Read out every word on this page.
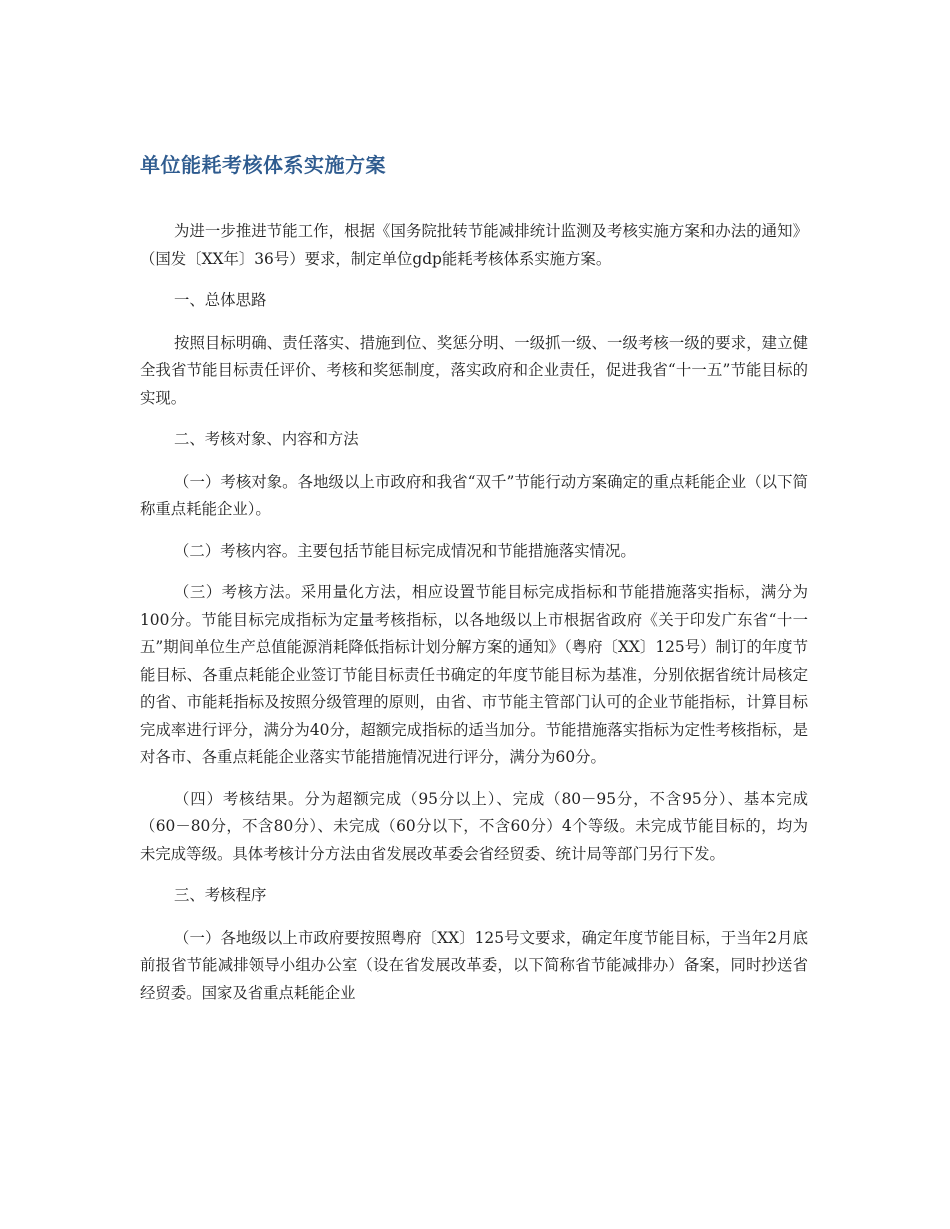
单位能耗考核体系实施方案

为进一步推进节能工作，根据《国务院批转节能减排统计监测及考核实施方案和办法的通知》（国发〔XX年〕36号）要求，制定单位gdp能耗考核体系实施方案。

一、总体思路

按照目标明确、责任落实、措施到位、奖惩分明、一级抓一级、一级考核一级的要求，建立健全我省节能目标责任评价、考核和奖惩制度，落实政府和企业责任，促进我省“十一五”节能目标的实现。

二、考核对象、内容和方法

（一）考核对象。各地级以上市政府和我省“双千”节能行动方案确定的重点耗能企业（以下简称重点耗能企业）。

（二）考核内容。主要包括节能目标完成情况和节能措施落实情况。

（三）考核方法。采用量化方法，相应设置节能目标完成指标和节能措施落实指标，满分为100分。节能目标完成指标为定量考核指标，以各地级以上市根据省政府《关于印发广东省“十一五”期间单位生产总值能源消耗降低指标计划分解方案的通知》（粤府〔XX〕125号）制订的年度节能目标、各重点耗能企业签订节能目标责任书确定的年度节能目标为基准，分别依据省统计局核定的省、市能耗指标及按照分级管理的原则，由省、市节能主管部门认可的企业节能指标，计算目标完成率进行评分，满分为40分，超额完成指标的适当加分。节能措施落实指标为定性考核指标，是对各市、各重点耗能企业落实节能措施情况进行评分，满分为60分。

（四）考核结果。分为超额完成（95分以上）、完成（80－95分，不含95分）、基本完成（60－80分，不含80分）、未完成（60分以下，不含60分）4个等级。未完成节能目标的，均为未完成等级。具体考核计分方法由省发展改革委会省经贸委、统计局等部门另行下发。

三、考核程序

（一）各地级以上市政府要按照粤府〔XX〕125号文要求，确定年度节能目标，于当年2月底前报省节能减排领导小组办公室（设在省发展改革委，以下简称省节能减排办）备案，同时抄送省经贸委。国家及省重点耗能企业
